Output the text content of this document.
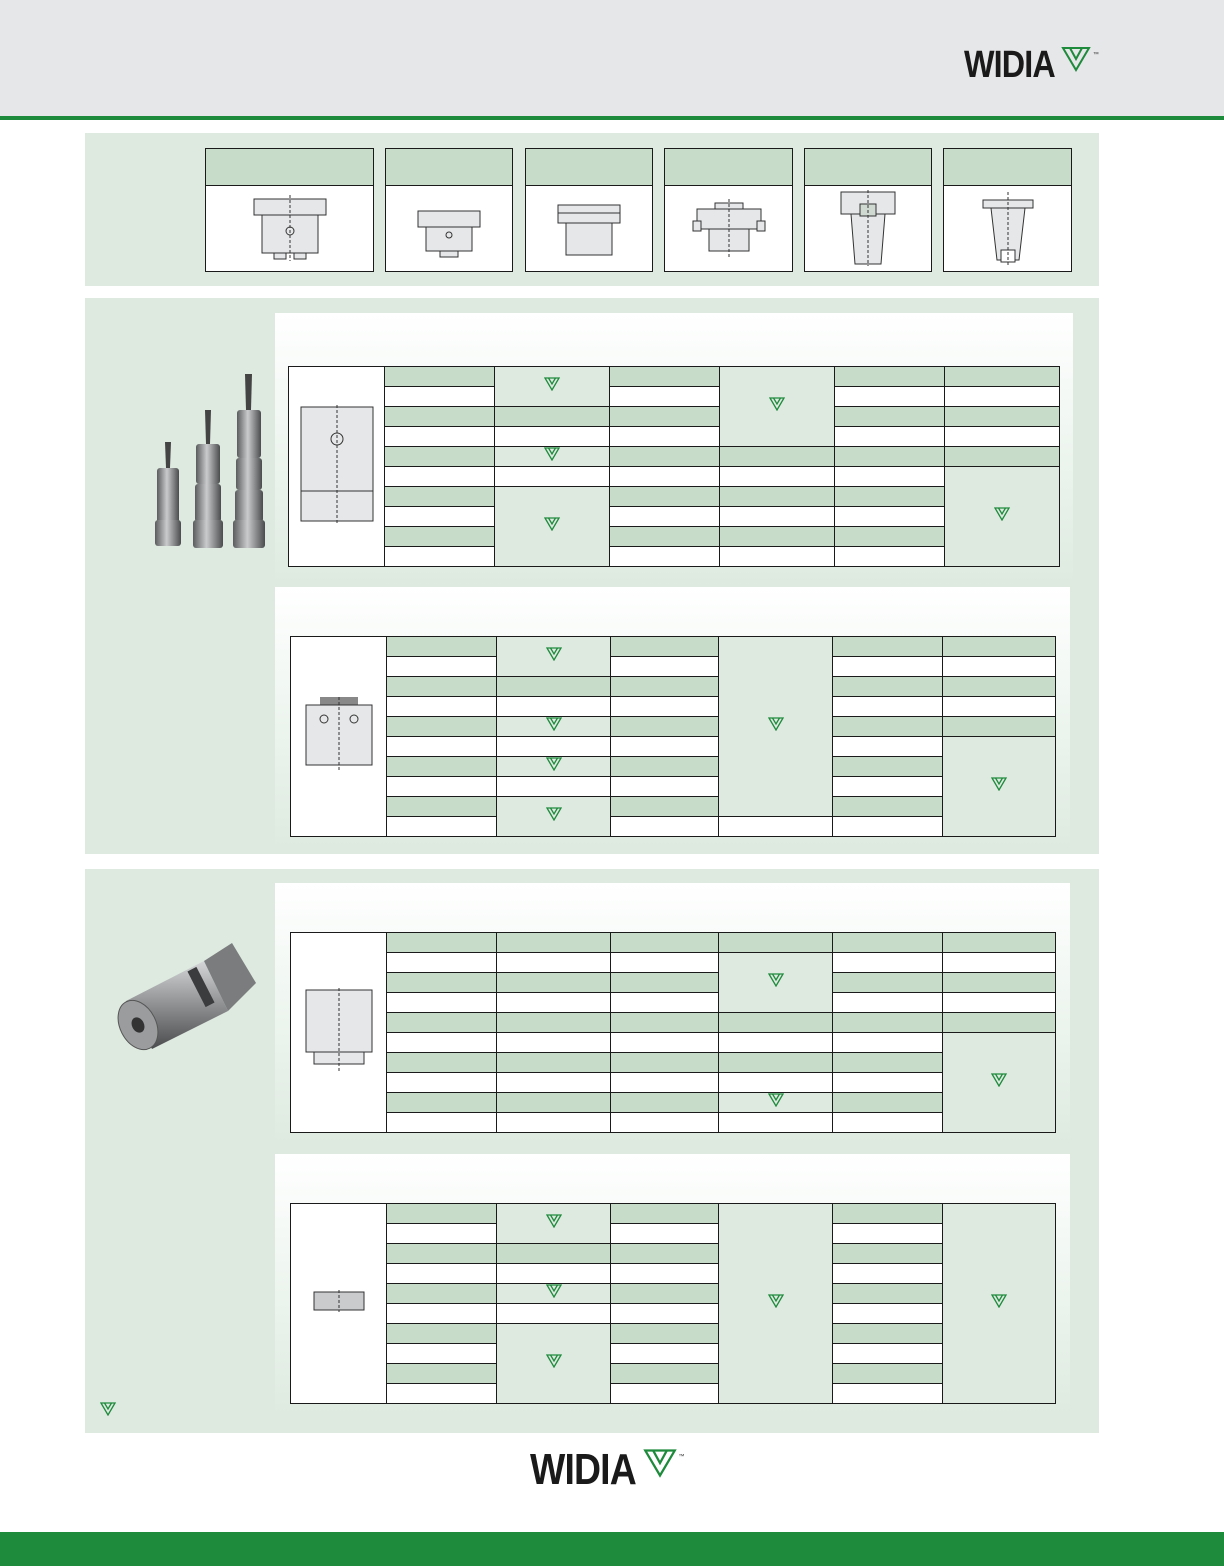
WIDIA	™

WIDIA	™
